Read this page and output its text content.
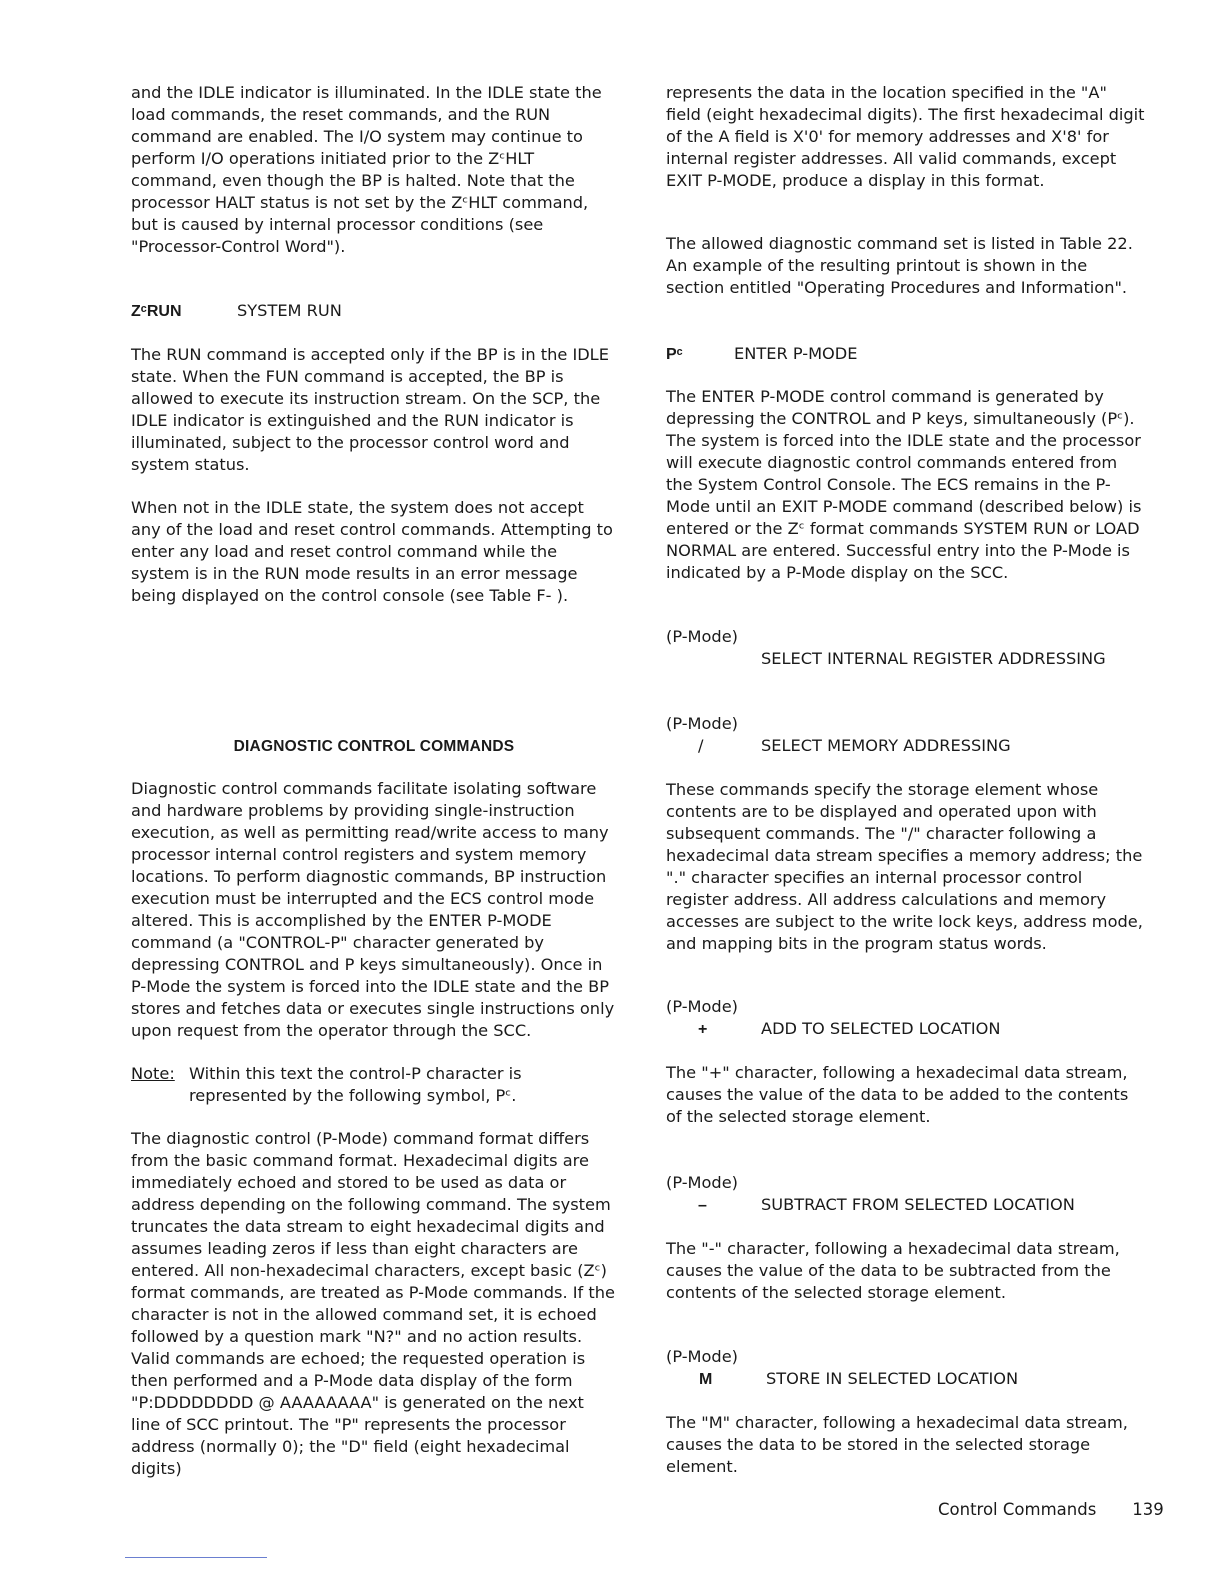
and the IDLE indicator is illuminated. In the IDLE state the load commands, the reset commands, and the RUN command are enabled. The I/O system may continue to perform I/O operations initiated prior to the ZᶜHLT command, even though the BP is halted. Note that the processor HALT status is not set by the ZᶜHLT command, but is caused by internal processor conditions (see "Processor-Control Word").

ZᶜRUN	SYSTEM RUN

The RUN command is accepted only if the BP is in the IDLE state. When the FUN command is accepted, the BP is allowed to execute its instruction stream. On the SCP, the IDLE indicator is extinguished and the RUN indicator is illuminated, subject to the processor control word and system status.

When not in the IDLE state, the system does not accept any of the load and reset control commands. Attempting to enter any load and reset control command while the system is in the RUN mode results in an error message being displayed on the control console (see Table F- ).

DIAGNOSTIC CONTROL COMMANDS

Diagnostic control commands facilitate isolating software and hardware problems by providing single-instruction execution, as well as permitting read/write access to many processor internal control registers and system memory locations. To perform diagnostic commands, BP instruction execution must be interrupted and the ECS control mode altered. This is accomplished by the ENTER P-MODE command (a "CONTROL-P" character generated by depressing CONTROL and P keys simultaneously). Once in P-Mode the system is forced into the IDLE state and the BP stores and fetches data or executes single instructions only upon request from the operator through the SCC.

Note: Within this text the control-P character is represented by the following symbol, Pᶜ.

The diagnostic control (P-Mode) command format differs from the basic command format. Hexadecimal digits are immediately echoed and stored to be used as data or address depending on the following command. The system truncates the data stream to eight hexadecimal digits and assumes leading zeros if less than eight characters are entered. All non-hexadecimal characters, except basic (Zᶜ) format commands, are treated as P-Mode commands. If the character is not in the allowed command set, it is echoed followed by a question mark "N?" and no action results. Valid commands are echoed; the requested operation is then performed and a P-Mode data display of the form "P:DDDDDDDD @ AAAAAAAA" is generated on the next line of SCC printout. The "P" represents the processor address (normally 0); the "D" field (eight hexadecimal digits)

represents the data in the location specified in the "A" field (eight hexadecimal digits). The first hexadecimal digit of the A field is X'0' for memory addresses and X'8' for internal register addresses. All valid commands, except EXIT P-MODE, produce a display in this format.

The allowed diagnostic command set is listed in Table 22. An example of the resulting printout is shown in the section entitled "Operating Procedures and Information".

Pᶜ	ENTER P-MODE

The ENTER P-MODE control command is generated by depressing the CONTROL and P keys, simultaneously (Pᶜ). The system is forced into the IDLE state and the processor will execute diagnostic control commands entered from the System Control Console. The ECS remains in the P-Mode until an EXIT P-MODE command (described below) is entered or the Zᶜ format commands SYSTEM RUN or LOAD NORMAL are entered. Successful entry into the P-Mode is indicated by a P-Mode display on the SCC.

(P-Mode)
SELECT INTERNAL REGISTER ADDRESSING
(P-Mode)
/	SELECT MEMORY ADDRESSING

These commands specify the storage element whose contents are to be displayed and operated upon with subsequent commands. The "/" character following a hexadecimal data stream specifies a memory address; the "." character specifies an internal processor control register address. All address calculations and memory accesses are subject to the write lock keys, address mode, and mapping bits in the program status words.

(P-Mode)
+	ADD TO SELECTED LOCATION

The "+" character, following a hexadecimal data stream, causes the value of the data to be added to the contents of the selected storage element.

(P-Mode)
–	SUBTRACT FROM SELECTED LOCATION

The "-" character, following a hexadecimal data stream, causes the value of the data to be subtracted from the contents of the selected storage element.

(P-Mode)
M	STORE IN SELECTED LOCATION

The "M" character, following a hexadecimal data stream, causes the data to be stored in the selected storage element.

Control Commands 139
